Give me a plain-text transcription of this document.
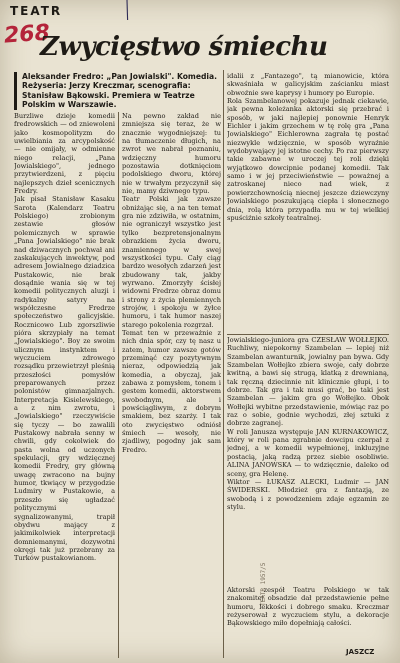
TEATR
268
Zwycięstwo śmiechu
Aleksander Fredro: „Pan Jowialski". Komedia. Reżyseria: Jerzy Kreczmar, scenografia: Stanisław Bąkowski. Premiera w Teatrze Polskim w Warszawie.
Burzliwe dzieje komedii fredrowskich — od zniewoleni jako kosmopolityzm do uwielbiania za arcypolskość — nie omijały, w odmienne niego relacji, „Pana Jowialskiego", jednego przytwierdzeni, z pięciu najlepszych dzieł scenicznych Fredry.
Jak pisał Stanisław Kasaku Sarota (Kalendarz Teatru Polskiego) zrobionym zestawie głosów polemicznych w sprawie „Pana Jowialskiego" nie brak nad dziwacznych pochwał ani zaskakujących inwektyw, pod adresem Jowialnego dziadzica Pustakowic, nie brak dosądnie wania się w tej komedii politycznych aluzji i radykalny satyry na współczesne Fredrze społeczeństwo galicyjskie. Rocznicowo Lub zgorszliwie pióra skrzypiały na temat „Jowialskiego". Boy ze swoim ulicznym instynktem i wyczuciem zdrowego rozsądku przewietrzył pleśnią przeszłości pomysłów preparowanych przez polonistów gimnazjalnych. Interpretacja Kisielewskiego, a z nim zwrotu, i „Jowialskiego" rzeczywiście się tyczy — bo zawalili Pustakowy nabrała senny w chwili, gdy cokolwiek do pasta wolna od uczonych spekulacji, gry wdzięcznej komedii Fredry, gry główną uwagę zwracono na bujny humor, tkwiący w przygodzie Ludmiry w Pustakowie, a przeszło się ugładzać politycznymi sygnalizowanymi, trapił obydwu mający z jakimikolwiek interpretacji domniemanymi, dozywotni okręgi tak już przebrany za Turków pustakowianom.
Na pewno zakład nie zmniejsza się teraz, że w znacznie wygodniejszej: tu na tłumaczenie długich, na zwrot we nabrał poznaniu, wdzięczny humoru pozostawia dotknięciom podolskiego dworu, której nie w trwałym przyczynił się nie, mamy dziwnego typu.
Teatr Polski jak zawsze obniżając się, a na ten temat gra nie zdziwiła, w ostatnim, nie ograniczył wszystko jest tylko bezpretensjonalnym obrazkiem życia dworu, znamiennego w swej wszystkości typu. Cały ciąg bardzo wesołych zdarzeń jest zbudowany tak, jakby wyrwano. Zmorzyły ścisłej widowni Fredrze obraz domu i strony z życia plemiennych strojów, i spokoju w żyłce humoru, i tak humor naszej starego pokolenia rozgrzał.
Temat ten w przeważnie z nich dnia spór, czy tę nasz u zatem, humor zawsze gotów przeminąć czy pozytywnym nieraz, odpowiedzią jak komedia, a obyczaj, jak zabawa z pomysłem, tonem i gestem komedii, aktorstwem swobodnym, ale i powściągliwym, z dobrym smakiem, bez szarży. I tak oto zwycięstwo odniósł śmiech — wesoły, nie zjadliwy, pogodny jak sam Fredro.
idalii z „Fantazego", tą mianowicie, która skwaśniała w galicyjskim zaścianku miast obwoźnie swe kaprysy i humory po Europie.
Rola Szambelanowej pokazuje jednak ciekawie, jak pewna koleżanka aktorski się przebrać i sposób, w jaki najlepiej ponownie Henryk Eichler i jakim grzechem w tę rolę gra „Pana Jowialskiego" Eichlerowna zagrała tę postać niezwykle wdzięcznie, w sposób wyraźnie wydobywający jej istotne cechy. Po raz pierwszy takie zabawne w uroczej tej roli dzięki wyjątkowo dowcipnie podanej komedii. Tak samo i w jej przeciwieństwie — poważnej a zatroskanej nieco nad wiek, z powierzchownością niecnej jeszcze dziewczyny Jowialskiego poszukującą ciepła i słonecznego dnia, rolą która przypadła mu w tej wielkiej spuściźnie szkoły teatralnej.
Jowialskiego-juniora gra CZESŁAW WOŁŁEJKO. Ruchliwy, niepokorny Szambelan — lepiej niż Szambelan awanturnik, jowialny pan bywa. Gdy Szambelan Wołłejko zbiera swoje, cały dobrze kwitną, a bawi się strugą, klatką z drewnianą, tak ręczną dziecinnie nit klinicznie głupi, i to dobrze. Tak gra i tak musi grać, bo taki jest Szambelan — jakim gra go Wołłejko. Obok Wołłejki wybitne przedstawienie, mówiąc raz po raz o sobie, godnie wychodzi, złej sztuki z dobrze zagranej.
W roli Janusza występuje JAN KURNAKOWICZ, który w roli pana zgrabnie dowcipu czerpał z jednej, a w komedii wypełnionej, inkluzyjne postacią, jaką radzą przez siebie osobliwie. ALINA JANOWSKA — to wdzięcznie, daleko od sceny, gra Helenę.
Wiktor — ŁUKASZ ALECKI, Ludmir — JAN ŚWIDERSKI. Młodzież gra z fantazją, ze swobodą i z powodzeniem zdaje egzamin ze stylu.
Aktorski zespół Teatru Polskiego w tak znakomitej obsadzie dał przedstawienie pełne humoru, lekkości i dobrego smaku. Kreczmar reżyserował z wyczuciem stylu, a dekoracje Bąkowskiego miło dopełniają całości.
JASZCZ
TEATR 1957/5
